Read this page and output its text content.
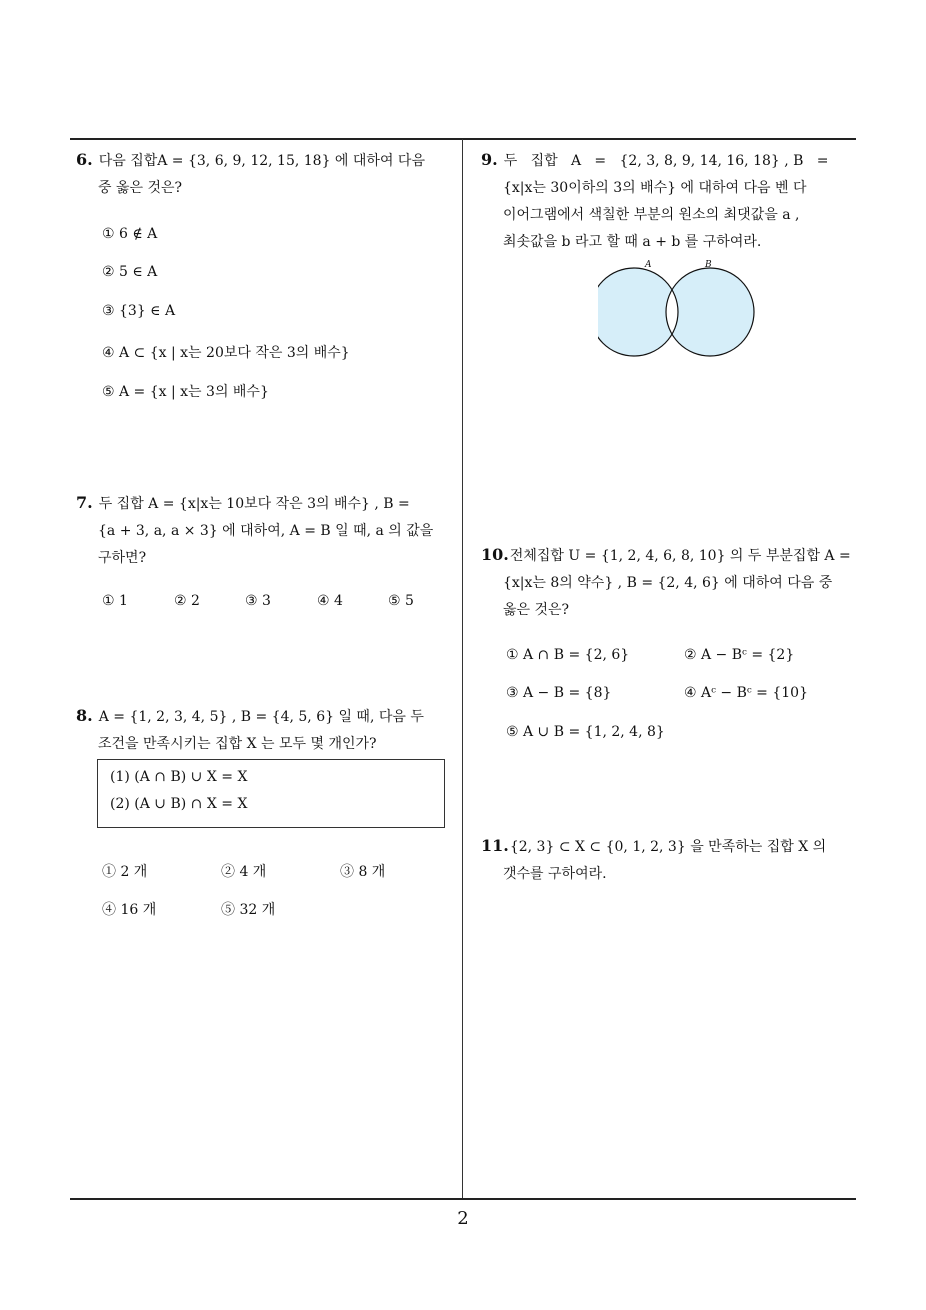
6. 다음 집합A = {3, 6, 9, 12, 15, 18} 에 대하여 다음
중 옳은 것은?
① 6 ∉ A
② 5 ∈ A
③ {3} ∈ A
④ A ⊂ {x | x는 20보다 작은 3의 배수}
⑤ A = {x | x는 3의 배수}
7. 두 집합 A = {x|x는 10보다 작은 3의 배수} , B =
{a + 3, a, a × 3} 에 대하여, A = B 일 때, a 의 값을
구하면?
① 1	② 2	③ 3	④ 4	⑤ 5
8. A = {1, 2, 3, 4, 5} , B = {4, 5, 6} 일 때, 다음 두
조건을 만족시키는 집합 X 는 모두 몇 개인가?
(1) (A ∩ B) ∪ X = X
(2) (A ∪ B) ∩ X = X
① 2 개	② 4 개	③ 8 개
④ 16 개	⑤ 32 개
9. 두   집합   A   =   {2, 3, 8, 9, 14, 16, 18} , B   =
{x|x는 30이하의 3의 배수} 에 대하여 다음 벤 다
이어그램에서 색칠한 부분의 원소의 최댓값을 a ,
최솟값을 b 라고 할 때 a + b 를 구하여라.
A	B
10.전체집합 U = {1, 2, 4, 6, 8, 10} 의 두 부분집합 A =
{x|x는 8의 약수} , B = {2, 4, 6} 에 대하여 다음 중
옳은 것은?
① A ∩ B = {2, 6}	② A − Bᶜ = {2}
③ A − B = {8}	④ Aᶜ − Bᶜ = {10}
⑤ A ∪ B = {1, 2, 4, 8}
11.{2, 3} ⊂ X ⊂ {0, 1, 2, 3} 을 만족하는 집합 X 의
갯수를 구하여라.
2
